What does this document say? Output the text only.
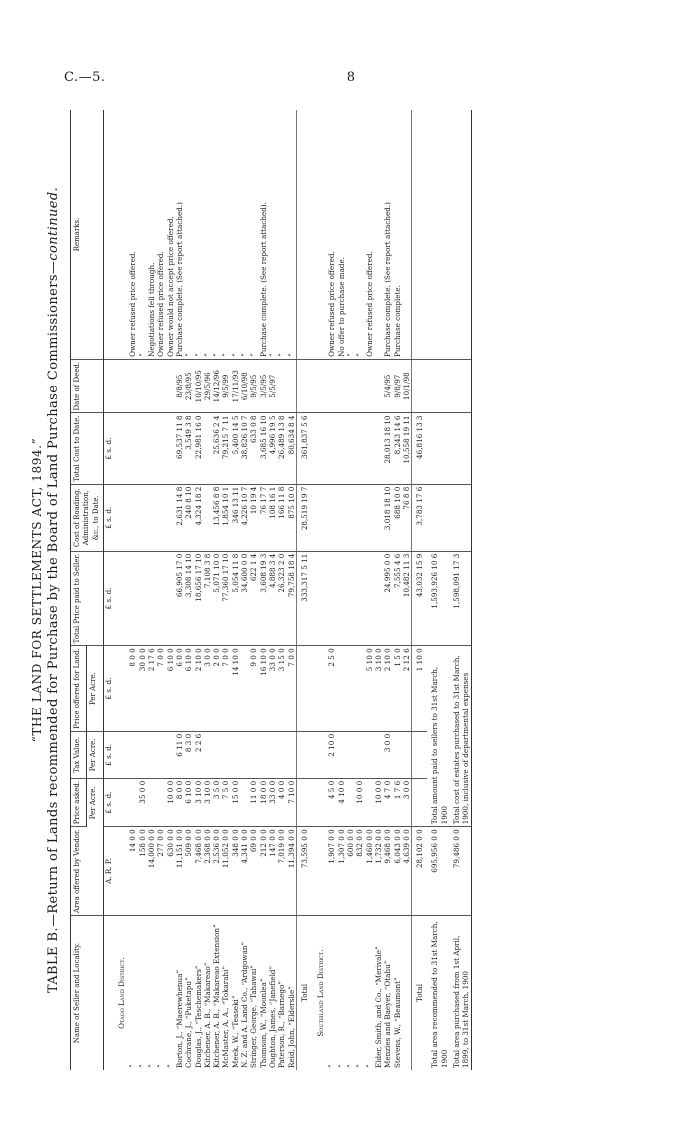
C.—5.	8
“THE LAND FOR SETTLEMENTS ACT, 1894.” TABLE B.—Return of Lands recommended for Purchase by the Board of Land Purchase Commissioners—continued.
Name of Seller and Locality.	Area offered by Vendor.	Price asked.	Tax Value.	Price offered for Land.	Total Price paid to Seller.	Cost of Roading, Administration, &c., to Date.	Total Cost to Date.	Date of Deed.	Remarks.
		Per Acre.	Per Acre.	Per Acre.					
	A. R. P.	£ s. d.	£ s. d.	£ s. d.	£ s. d.	£ s. d.	£ s. d.		
Otago Land District.									
”	14 0 0			8 0 0					Owner refused price offered.
”	158 0 0	35 0 0		30 0 0					”
”	14,000 0 0			2 17 6					Negotiations fell through.
”	277 0 0			7 0 0					Owner refused price offered.
”	630 0 0	10 0 0		6 10 0					Owner would not accept price offered.
Borton, J., “Maerewhenua”	11,151 0 0	8 0 0	6 11 0	6 0 0	66,905 17 0	2,631 14 8	69,537 11 8	8/8/95	Purchase complete. (See report attached.)
Cochrane, J., “Puketapu”	509 0 0	6 10 0	8 3 0	6 10 0	3,308 14 10	240 8 10	3,549 3 8	23/8/95	”
Douglas, J., “Teschemakers”	7,468 0 0	3 10 0	2 2 6	2 10 0	18,656 17 10	4,324 18 2	22,981 16 0	10/10/95	”
Kitchener, A. B., “Makareao”	2,368 0 0	3 10 0		3 0 0	7,108 3 8			29/5/96	”
Kitchener, A. B., “Makareao Extension”	2,536 0 0	3 5 0		2 0 0	5,071 10 0	13,456 8 8	25,636 2 4	14/12/96	”
McMaster, A. A., “Tokarahi”	11,052 0 0	7 5 0		7 0 0	77,360 17 10	1,854 10 1	79,215 7 11	9/5/99	”
Meek, W., “Teaseki”	348 0 0	15 0 0		14 10 0	5,054 11 8	346 13 11	5,400 14 5	17/11/93	”
N. Z. and A. Land Co., “Ardgowan”	4,341 0 0				34,600 0 0	4,226 10 7	38,826 10 7	6/10/98	”
Stringer, George, “Tahawai”	69 0 0	11 0 0		9 0 0	622 1 4	10 19 4	633 0 8	9/5/95	”
Thomson, W., “Moonlea”	212 0 0	18 0 0		16 10 0	3,608 19 3	76 17 7	3,685 16 10	3/5/95	Purchase complete. (See report attached).
Oughton, James, “Janefield”	147 0 0	33 0 0		33 0 0	4,888 3 4	108 16 1	4,996 19 5	5/5/97	”
Paterson, R., “Barnego”	7,019 0 0	4 0 0		3 15 0	26,323 2 0	166 11 8	26,489 13 8		”
Reid, John, “Elderslie”	11,394 0 0	7 10 0		7 0 0	79,758 18 4	875 10 0	80,634 8 4		”
Total	73,595 0 0				333,317 5 11	28,519 19 7	361,837 5 6		
Southland Land District.									
”	1,907 0 0	4 5 0	2 10 0	2 5 0					Owner refused price offered.
”	1,307 0 0	4 10 0							No offer to purchase made.
”	600 0 0								”
”	832 0 0	10 0 0							”
”	1,460 0 0			5 10 0					Owner refused price offered.
Elder, Smith, and Co., “Merivale”	1,732 0 0	10 0 0		3 10 0					
Menzies and Baeyer, “Otahu”	9,468 0 0	4 7 0	3 0 0	2 10 0	24,995 0 0	3,018 18 10	28,013 18 10	5/4/95	Purchase complete. (See report attached.)
Stevens, W., “Beaumont”	6,043 0 0	1 7 6		1 5 0	7,555 4 6	688 10 0	8,243 14 6	9/8/97	Purchase complete.
	4,639 0 0	3 0 0		2 12 6	10,482 11 3	76 8 8	10,558 19 11	10/1/98	
Total	28,102 0 0			1 10 0	43,032 15 9	3,783 17 6	46,816 13 3		
Total area recommended to 31st March, 1900	695,956 0 0	Total amount paid to sellers to 31st March, 1900			1,593,926 10 6				
Total area purchased from 1st April, 1899, to 31st March, 1900	79,486 0 0	Total cost of estates purchased to 31st March, 1900, inclusive of departmental expenses			1,598,091 17 3				
